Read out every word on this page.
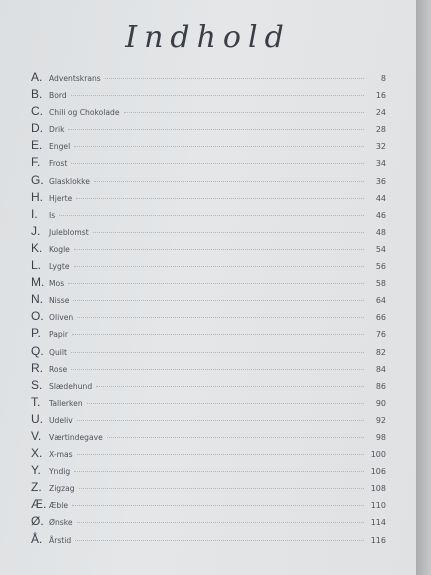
Indhold
A. Adventskrans	8
B. Bord	16
C. Chili og Chokolade	24
D. Drik	28
E. Engel	32
F.	Frost	34
G. Glasklokke	36
H. Hjerte	44
I.	Is	46
J.	Juleblomst	48
K. Kogle	54
L.	Lygte	56
M. Mos	58
N. Nisse	64
O. Oliven	66
P.	Papir	76
Q. Quilt	82
R. Rose	84
S. Slædehund	86
T.	Tallerken	90
U. Udeliv	92
V.	Værtindegave	98
X. X-mas	100
Y.	Yndig	106
Z. Zigzag	108
Æ. Æble	110
Ø. Ønske	114
Å. Årstid	116
